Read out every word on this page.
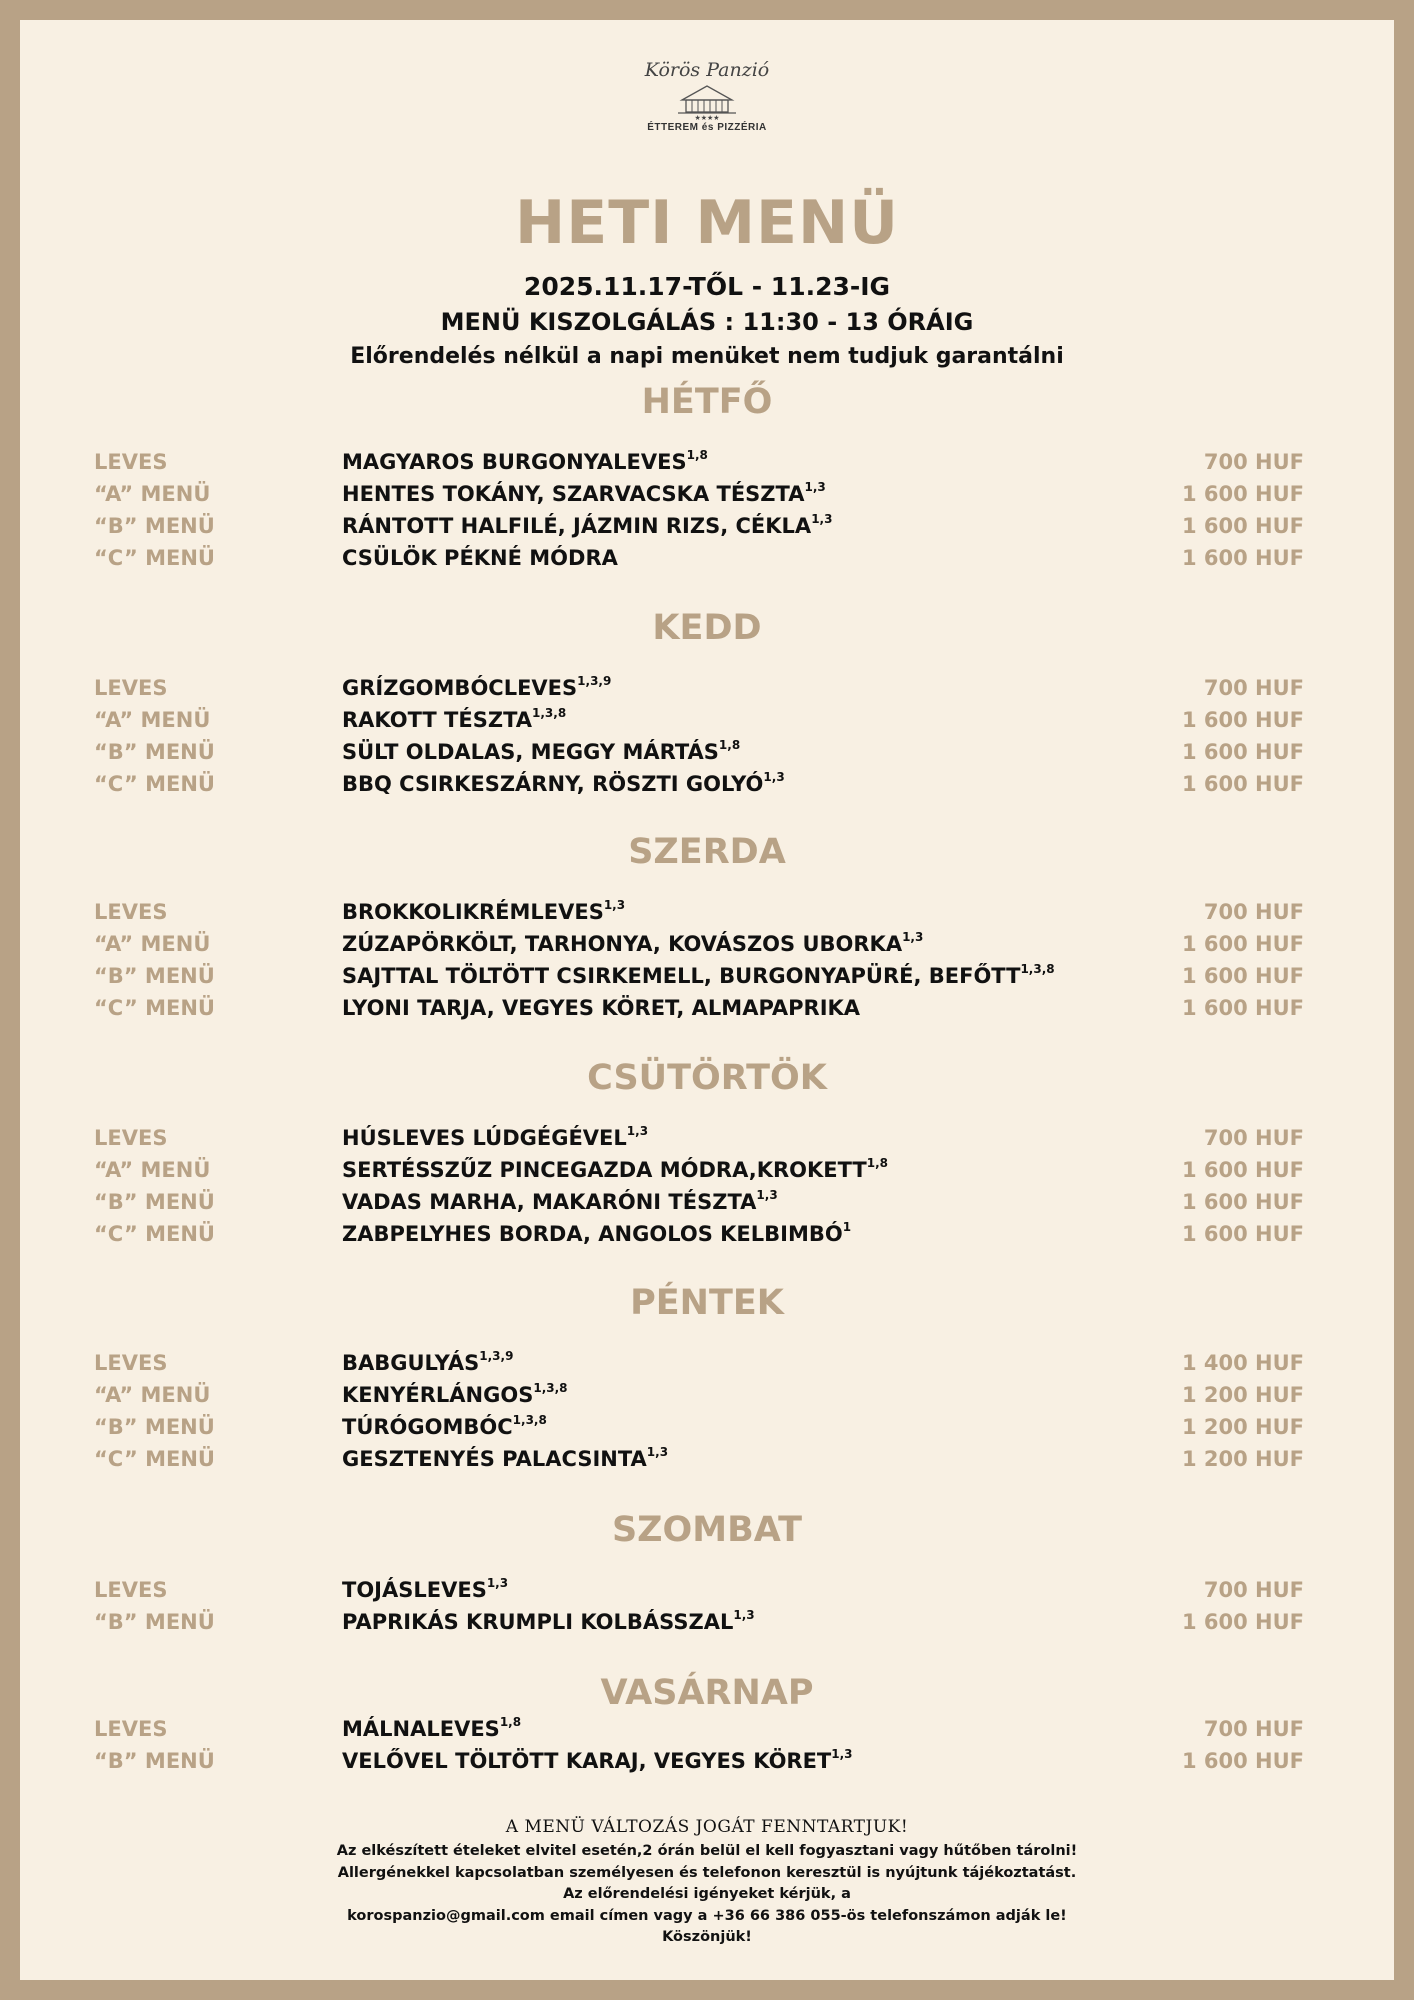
Körös Panzió
★★★★
ÉTTEREM és PIZZÉRIA
HETI MENÜ
2025.11.17-TŐL - 11.23-IG
MENÜ KISZOLGÁLÁS : 11:30 - 13 ÓRÁIG
Előrendelés nélkül a napi menüket nem tudjuk garantálni
HÉTFŐ
LEVES	MAGYAROS BURGONYALEVES$^{1,8}$	700 HUF
“A” MENÜ	HENTES TOKÁNY, SZARVACSKA TÉSZTA$^{1,3}$	1 600 HUF
“B” MENÜ	RÁNTOTT HALFILÉ, JÁZMIN RIZS, CÉKLA$^{1,3}$	1 600 HUF
“C” MENÜ	CSÜLÖK PÉKNÉ MÓDRA	1 600 HUF
KEDD
LEVES	GRÍZGOMBÓCLEVES$^{1,3,9}$	700 HUF
“A” MENÜ	RAKOTT TÉSZTA$^{1,3,8}$	1 600 HUF
“B” MENÜ	SÜLT OLDALAS, MEGGY MÁRTÁS$^{1,8}$	1 600 HUF
“C” MENÜ	BBQ CSIRKESZÁRNY, RÖSZTI GOLYÓ$^{1,3}$	1 600 HUF
SZERDA
LEVES	BROKKOLIKRÉMLEVES$^{1,3}$	700 HUF
“A” MENÜ	ZÚZAPÖRKÖLT, TARHONYA, KOVÁSZOS UBORKA$^{1,3}$	1 600 HUF
“B” MENÜ	SAJTTAL TÖLTÖTT CSIRKEMELL, BURGONYAPÜRÉ, BEFŐTT$^{1,3,8}$	1 600 HUF
“C” MENÜ	LYONI TARJA, VEGYES KÖRET, ALMAPAPRIKA	1 600 HUF
CSÜTÖRTÖK
LEVES	HÚSLEVES LÚDGÉGÉVEL$^{1,3}$	700 HUF
“A” MENÜ	SERTÉSSZŰZ PINCEGAZDA MÓDRA,KROKETT$^{1,8}$	1 600 HUF
“B” MENÜ	VADAS MARHA, MAKARÓNI TÉSZTA$^{1,3}$	1 600 HUF
“C” MENÜ	ZABPELYHES BORDA, ANGOLOS KELBIMBÓ$^1$	1 600 HUF
PÉNTEK
LEVES	BABGULYÁS$^{1,3,9}$	1 400 HUF
“A” MENÜ	KENYÉRLÁNGOS$^{1,3,8}$	1 200 HUF
“B” MENÜ	TÚRÓGOMBÓC$^{1,3,8}$	1 200 HUF
“C” MENÜ	GESZTENYÉS PALACSINTA$^{1,3}$	1 200 HUF
SZOMBAT
LEVES	TOJÁSLEVES$^{1,3}$	700 HUF
“B” MENÜ	PAPRIKÁS KRUMPLI KOLBÁSSZAL$^{1,3}$	1 600 HUF
VASÁRNAP
LEVES	MÁLNALEVES$^{1,8}$	700 HUF
“B” MENÜ	VELŐVEL TÖLTÖTT KARAJ, VEGYES KÖRET$^{1,3}$	1 600 HUF
A MENÜ VÁLTOZÁS JOGÁT FENNTARTJUK!
Az elkészített ételeket elvitel esetén,2 órán belül el kell fogyasztani vagy hűtőben tárolni!
Allergénekkel kapcsolatban személyesen és telefonon keresztül is nyújtunk tájékoztatást.
Az előrendelési igényeket kérjük, a
korospanzio@gmail.com email címen vagy a +36 66 386 055-ös telefonszámon adják le!
Köszönjük!
